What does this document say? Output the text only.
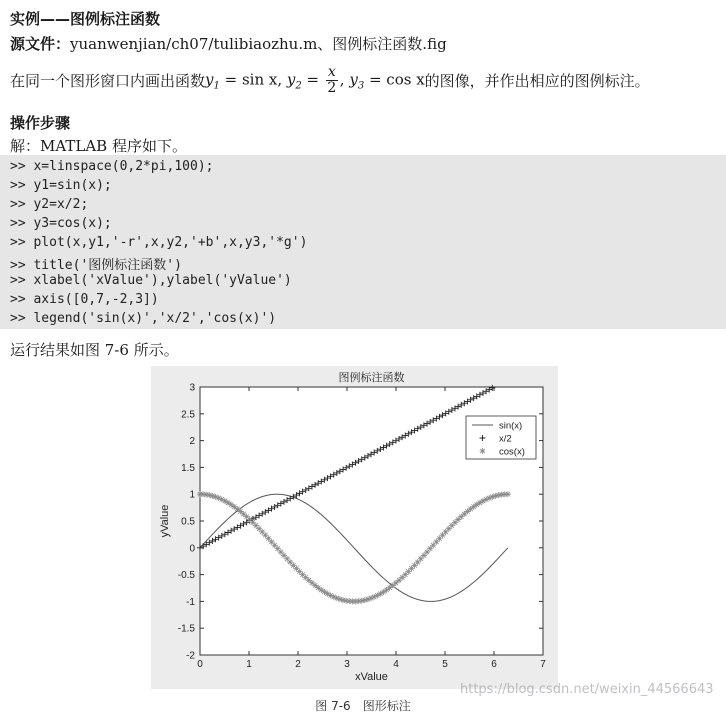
实例——图例标注函数
源文件：yuanwenjian/ch07/tulibiaozhu.m、图例标注函数.fig
在同一个图形窗口内画出函数 $y_1 = \sin x$, $y_2 = \frac{x}{2}$ , $y_3 = \cos x$ 的图像，并作出相应的图例标注。
操作步骤
解：MATLAB 程序如下。
>> x=linspace(0,2*pi,100);
>> y1=sin(x);
>> y2=x/2;
>> y3=cos(x);
>> plot(x,y1,'-r',x,y2,'+b',x,y3,'*g')
>> title('图例标注函数')
>> xlabel('xValue'),ylabel('yValue')
>> axis([0,7,-2,3])
>> legend('sin(x)','x/2','cos(x)')
运行结果如图 7-6 所示。
0	1	2	3	4	5	6	7
-2
-1.5
-1
-0.5
0
0.5
1
1.5
2
2.5
3
图例标注函数
xValue
yValue
sin(x)
x/2
cos(x)
https://blog.csdn.net/weixin_44566643
图 7-6　图形标注
